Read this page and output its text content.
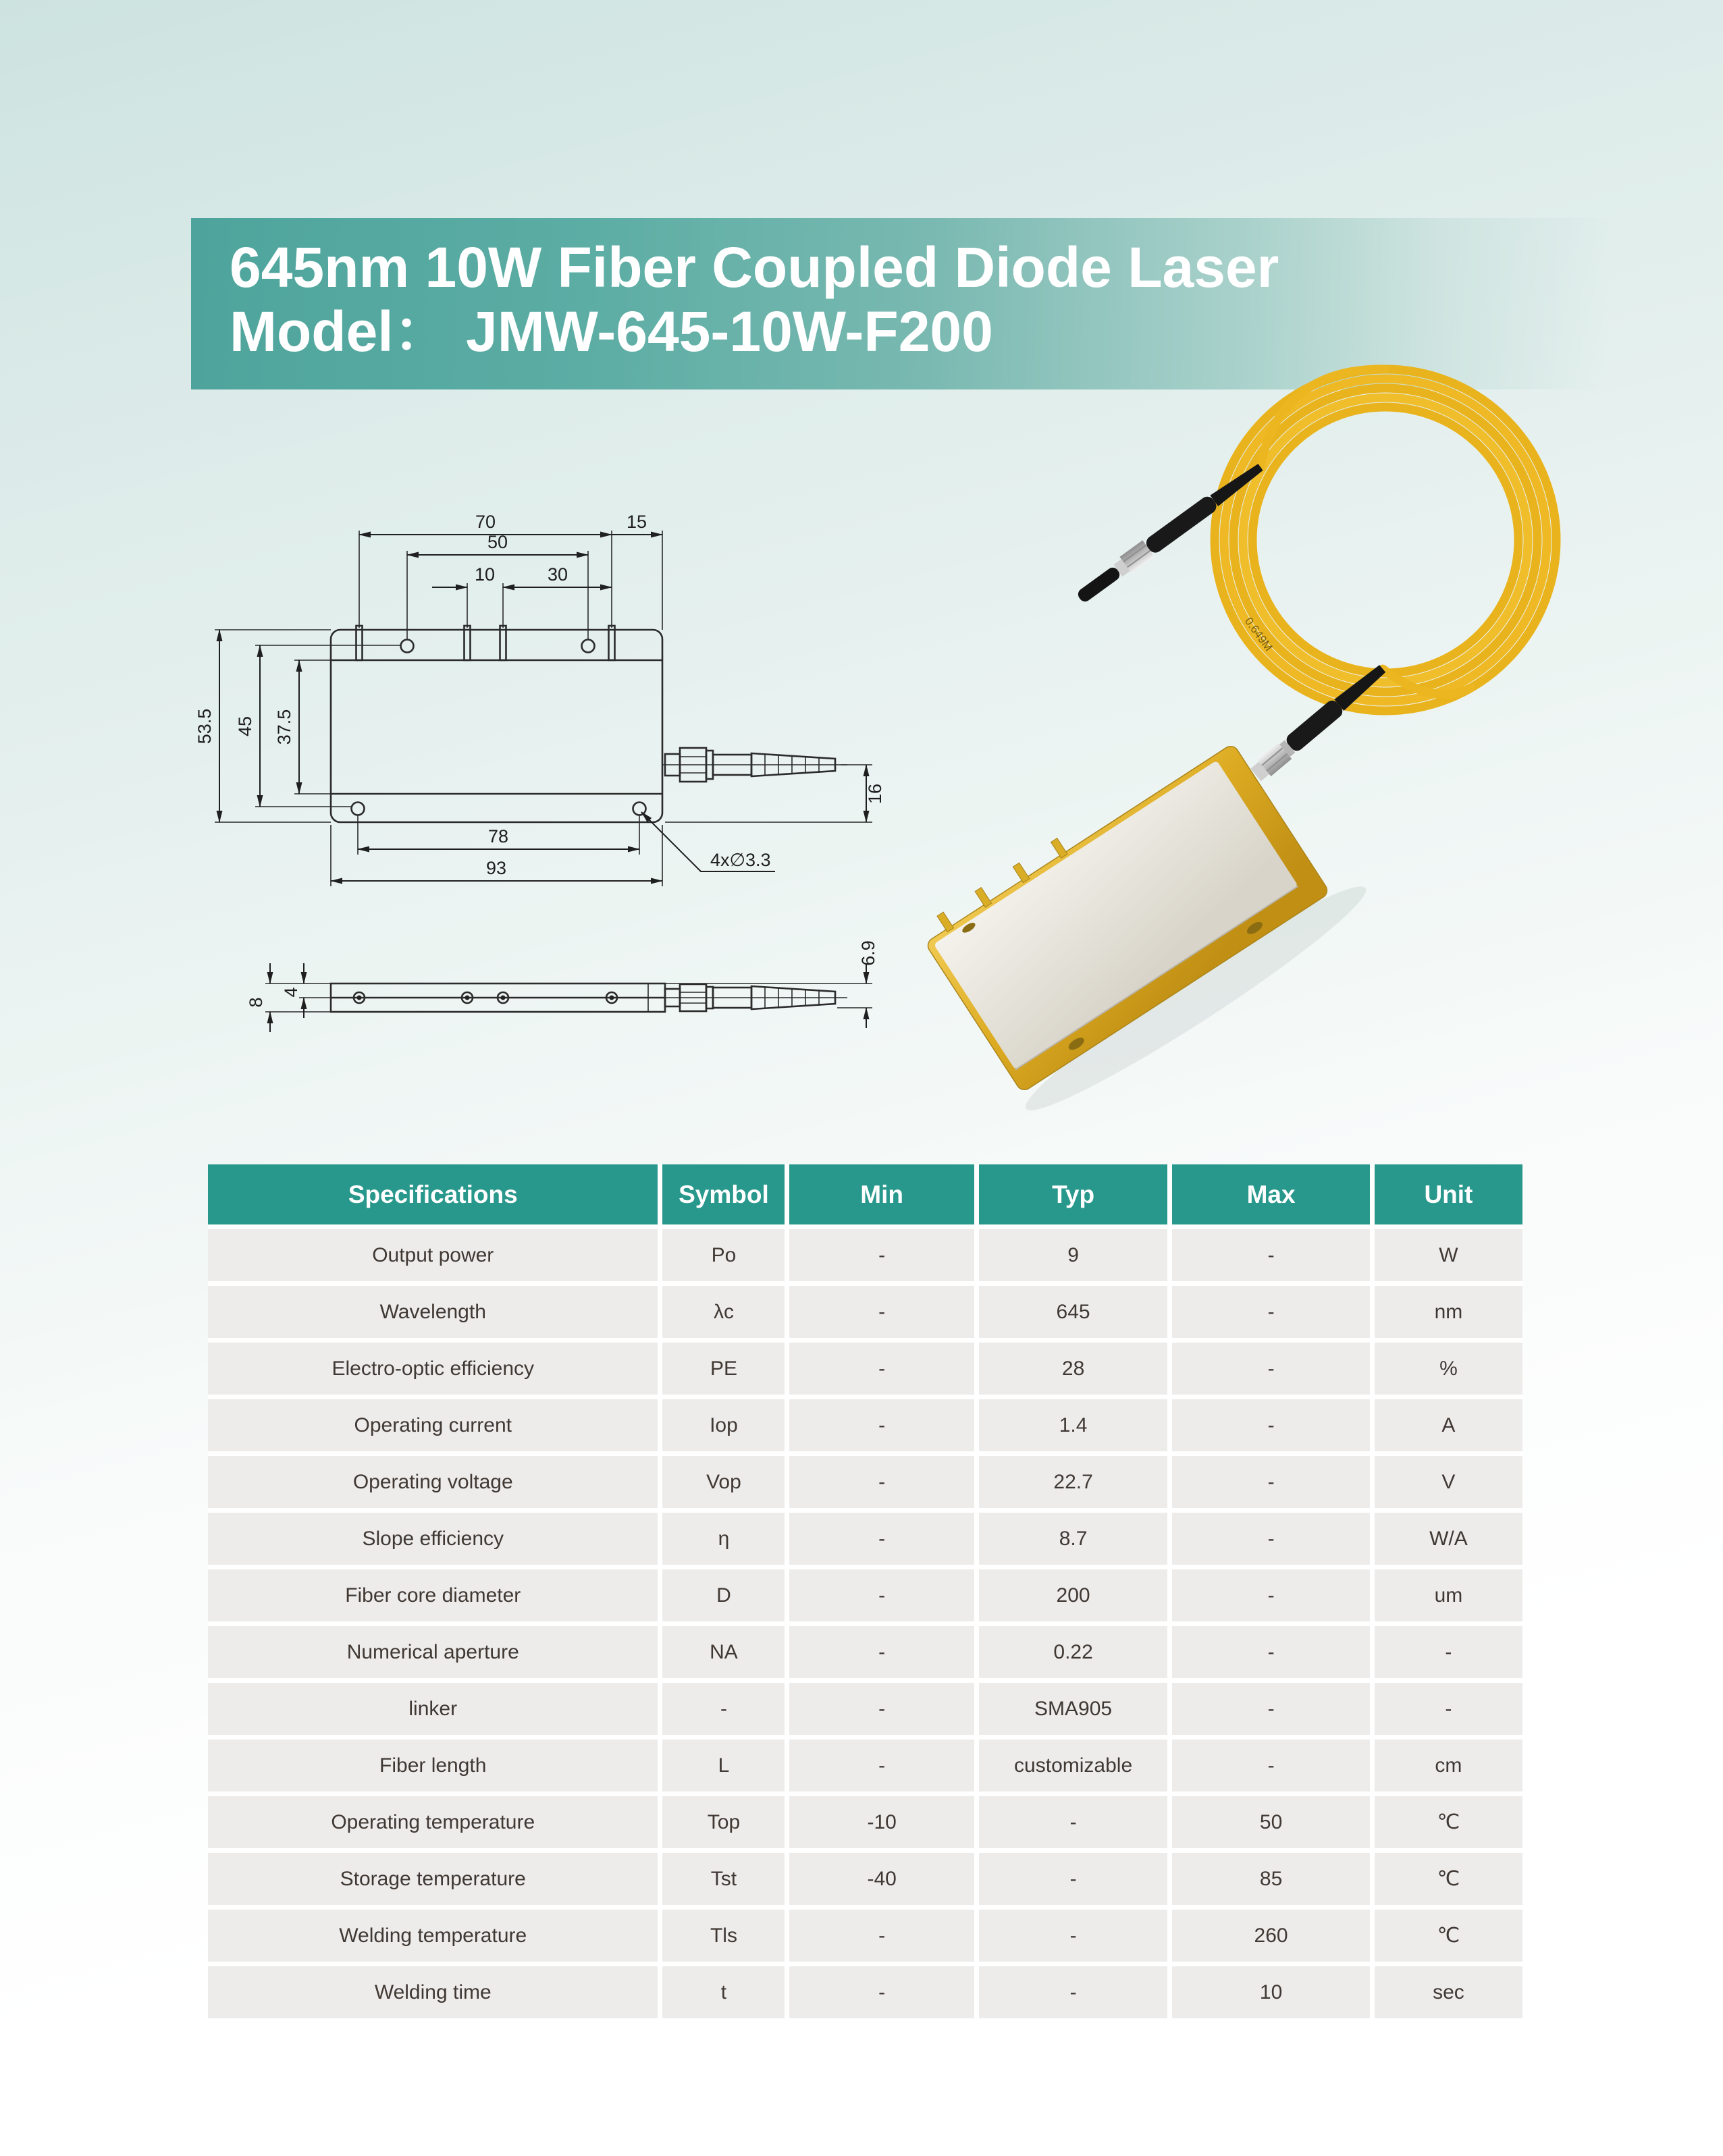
645nm 10W Fiber Coupled Diode Laser
Model： JMW-645-10W-F200
70	15
50
10	30
53.5 45 37.5
78
93
16
4x∅3.3
8
4
6.9
0.649M
Specifications	Symbol	Min	Typ	Max	Unit
Output power	Po	-	9	-	W
Wavelength	λc	-	645	-	nm
Electro-optic efficiency	PE	-	28	-	%
Operating current	Iop	-	1.4	-	A
Operating voltage	Vop	-	22.7	-	V
Slope efficiency	η	-	8.7	-	W/A
Fiber core diameter	D	-	200	-	um
Numerical aperture	NA	-	0.22	-	-
linker	-	-	SMA905	-	-
Fiber length	L	-	customizable	-	cm
Operating temperature	Top	-10	-	50	℃
Storage temperature	Tst	-40	-	85	℃
Welding temperature	Tls	-	-	260	℃
Welding time	t	-	-	10	sec
